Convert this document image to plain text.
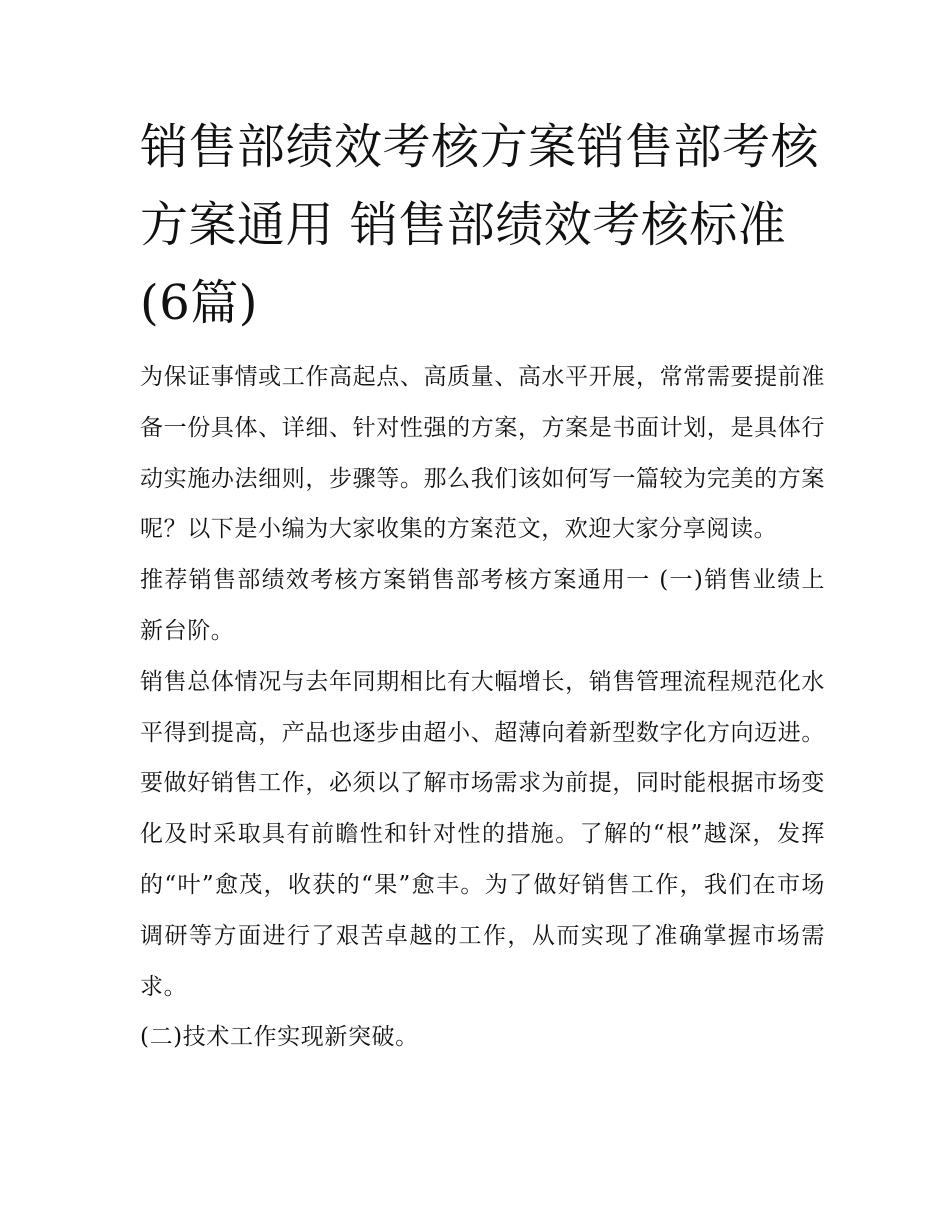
销售部绩效考核方案销售部考核方案通用 销售部绩效考核标准(6篇)

为保证事情或工作高起点、高质量、高水平开展，常常需要提前准备一份具体、详细、针对性强的方案，方案是书面计划，是具体行动实施办法细则，步骤等。那么我们该如何写一篇较为完美的方案呢？以下是小编为大家收集的方案范文，欢迎大家分享阅读。

推荐销售部绩效考核方案销售部考核方案通用一 (一)销售业绩上新台阶。

销售总体情况与去年同期相比有大幅增长，销售管理流程规范化水平得到提高，产品也逐步由超小、超薄向着新型数字化方向迈进。要做好销售工作，必须以了解市场需求为前提，同时能根据市场变化及时采取具有前瞻性和针对性的措施。了解的“根”越深，发挥的“叶”愈茂，收获的“果”愈丰。为了做好销售工作，我们在市场调研等方面进行了艰苦卓越的工作，从而实现了准确掌握市场需求。

(二)技术工作实现新突破。
